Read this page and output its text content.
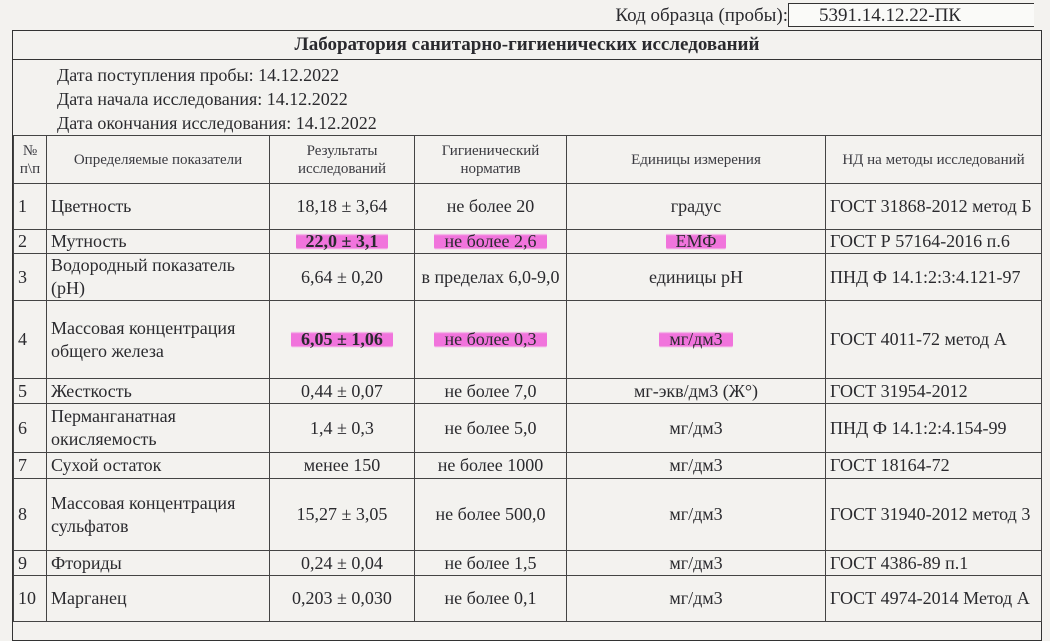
Код образца (пробы):	5391.14.12.22-ПК
Лаборатория санитарно-гигиенических исследований
Дата поступления пробы: 14.12.2022
Дата начала исследования: 14.12.2022
Дата окончания исследования: 14.12.2022
№ п\п	Определяемые показатели	Результаты исследований	Гигиенический норматив	Единицы измерения	НД на методы исследований
1	Цветность	18,18 ± 3,64	не более 20	градус	ГОСТ 31868-2012 метод Б
2	Мутность	22,0 ± 3,1	не более 2,6	ЕМФ	ГОСТ Р 57164-2016 п.6
3	Водородный показатель (pH)	6,64 ± 0,20	в пределах 6,0-9,0	единицы pH	ПНД Ф 14.1:2:3:4.121-97
4	Массовая концентрация общего железа	6,05 ± 1,06	не более 0,3	мг/дм3	ГОСТ 4011-72 метод А
5	Жесткость	0,44 ± 0,07	не более 7,0	мг-экв/дм3 (Ж°)	ГОСТ 31954-2012
6	Перманганатная окисляемость	1,4 ± 0,3	не более 5,0	мг/дм3	ПНД Ф 14.1:2:4.154-99
7	Сухой остаток	менее 150	не более 1000	мг/дм3	ГОСТ 18164-72
8	Массовая концентрация сульфатов	15,27 ± 3,05	не более 500,0	мг/дм3	ГОСТ 31940-2012 метод 3
9	Фториды	0,24 ± 0,04	не более 1,5	мг/дм3	ГОСТ 4386-89 п.1
10	Марганец	0,203 ± 0,030	не более 0,1	мг/дм3	ГОСТ 4974-2014 Метод А
